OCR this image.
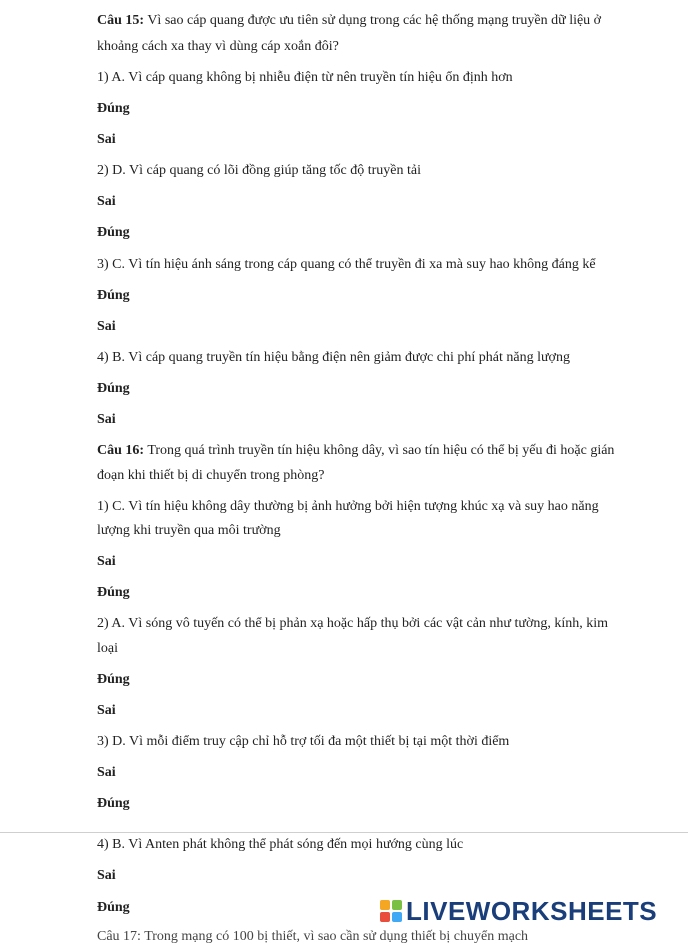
Câu 15: Vì sao cáp quang được ưu tiên sử dụng trong các hệ thống mạng truyền dữ liệu ở
khoảng cách xa thay vì dùng cáp xoắn đôi?
1) A. Vì cáp quang không bị nhiễu điện từ nên truyền tín hiệu ổn định hơn
Đúng
Sai
2) D. Vì cáp quang có lõi đồng giúp tăng tốc độ truyền tải
Sai
Đúng
3) C. Vì tín hiệu ánh sáng trong cáp quang có thể truyền đi xa mà suy hao không đáng kể
Đúng
Sai
4) B. Vì cáp quang truyền tín hiệu bằng điện nên giảm được chi phí phát năng lượng
Đúng
Sai
Câu 16: Trong quá trình truyền tín hiệu không dây, vì sao tín hiệu có thể bị yếu đi hoặc gián
đoạn khi thiết bị di chuyển trong phòng?
1) C. Vì tín hiệu không dây thường bị ảnh hưởng bởi hiện tượng khúc xạ và suy hao năng
lượng khi truyền qua môi trường
Sai
Đúng
2) A. Vì sóng vô tuyến có thể bị phản xạ hoặc hấp thụ bởi các vật cản như tường, kính, kim
loại
Đúng
Sai
3) D. Vì mỗi điểm truy cập chỉ hỗ trợ tối đa một thiết bị tại một thời điểm
Sai
Đúng
4) B. Vì Anten phát không thể phát sóng đến mọi hướng cùng lúc
Sai
Đúng
Câu 17: Trong mạng có 100 bị thiết, vì sao cần sử dụng thiết bị chuyển mạch
LIVEWORKSHEETS
